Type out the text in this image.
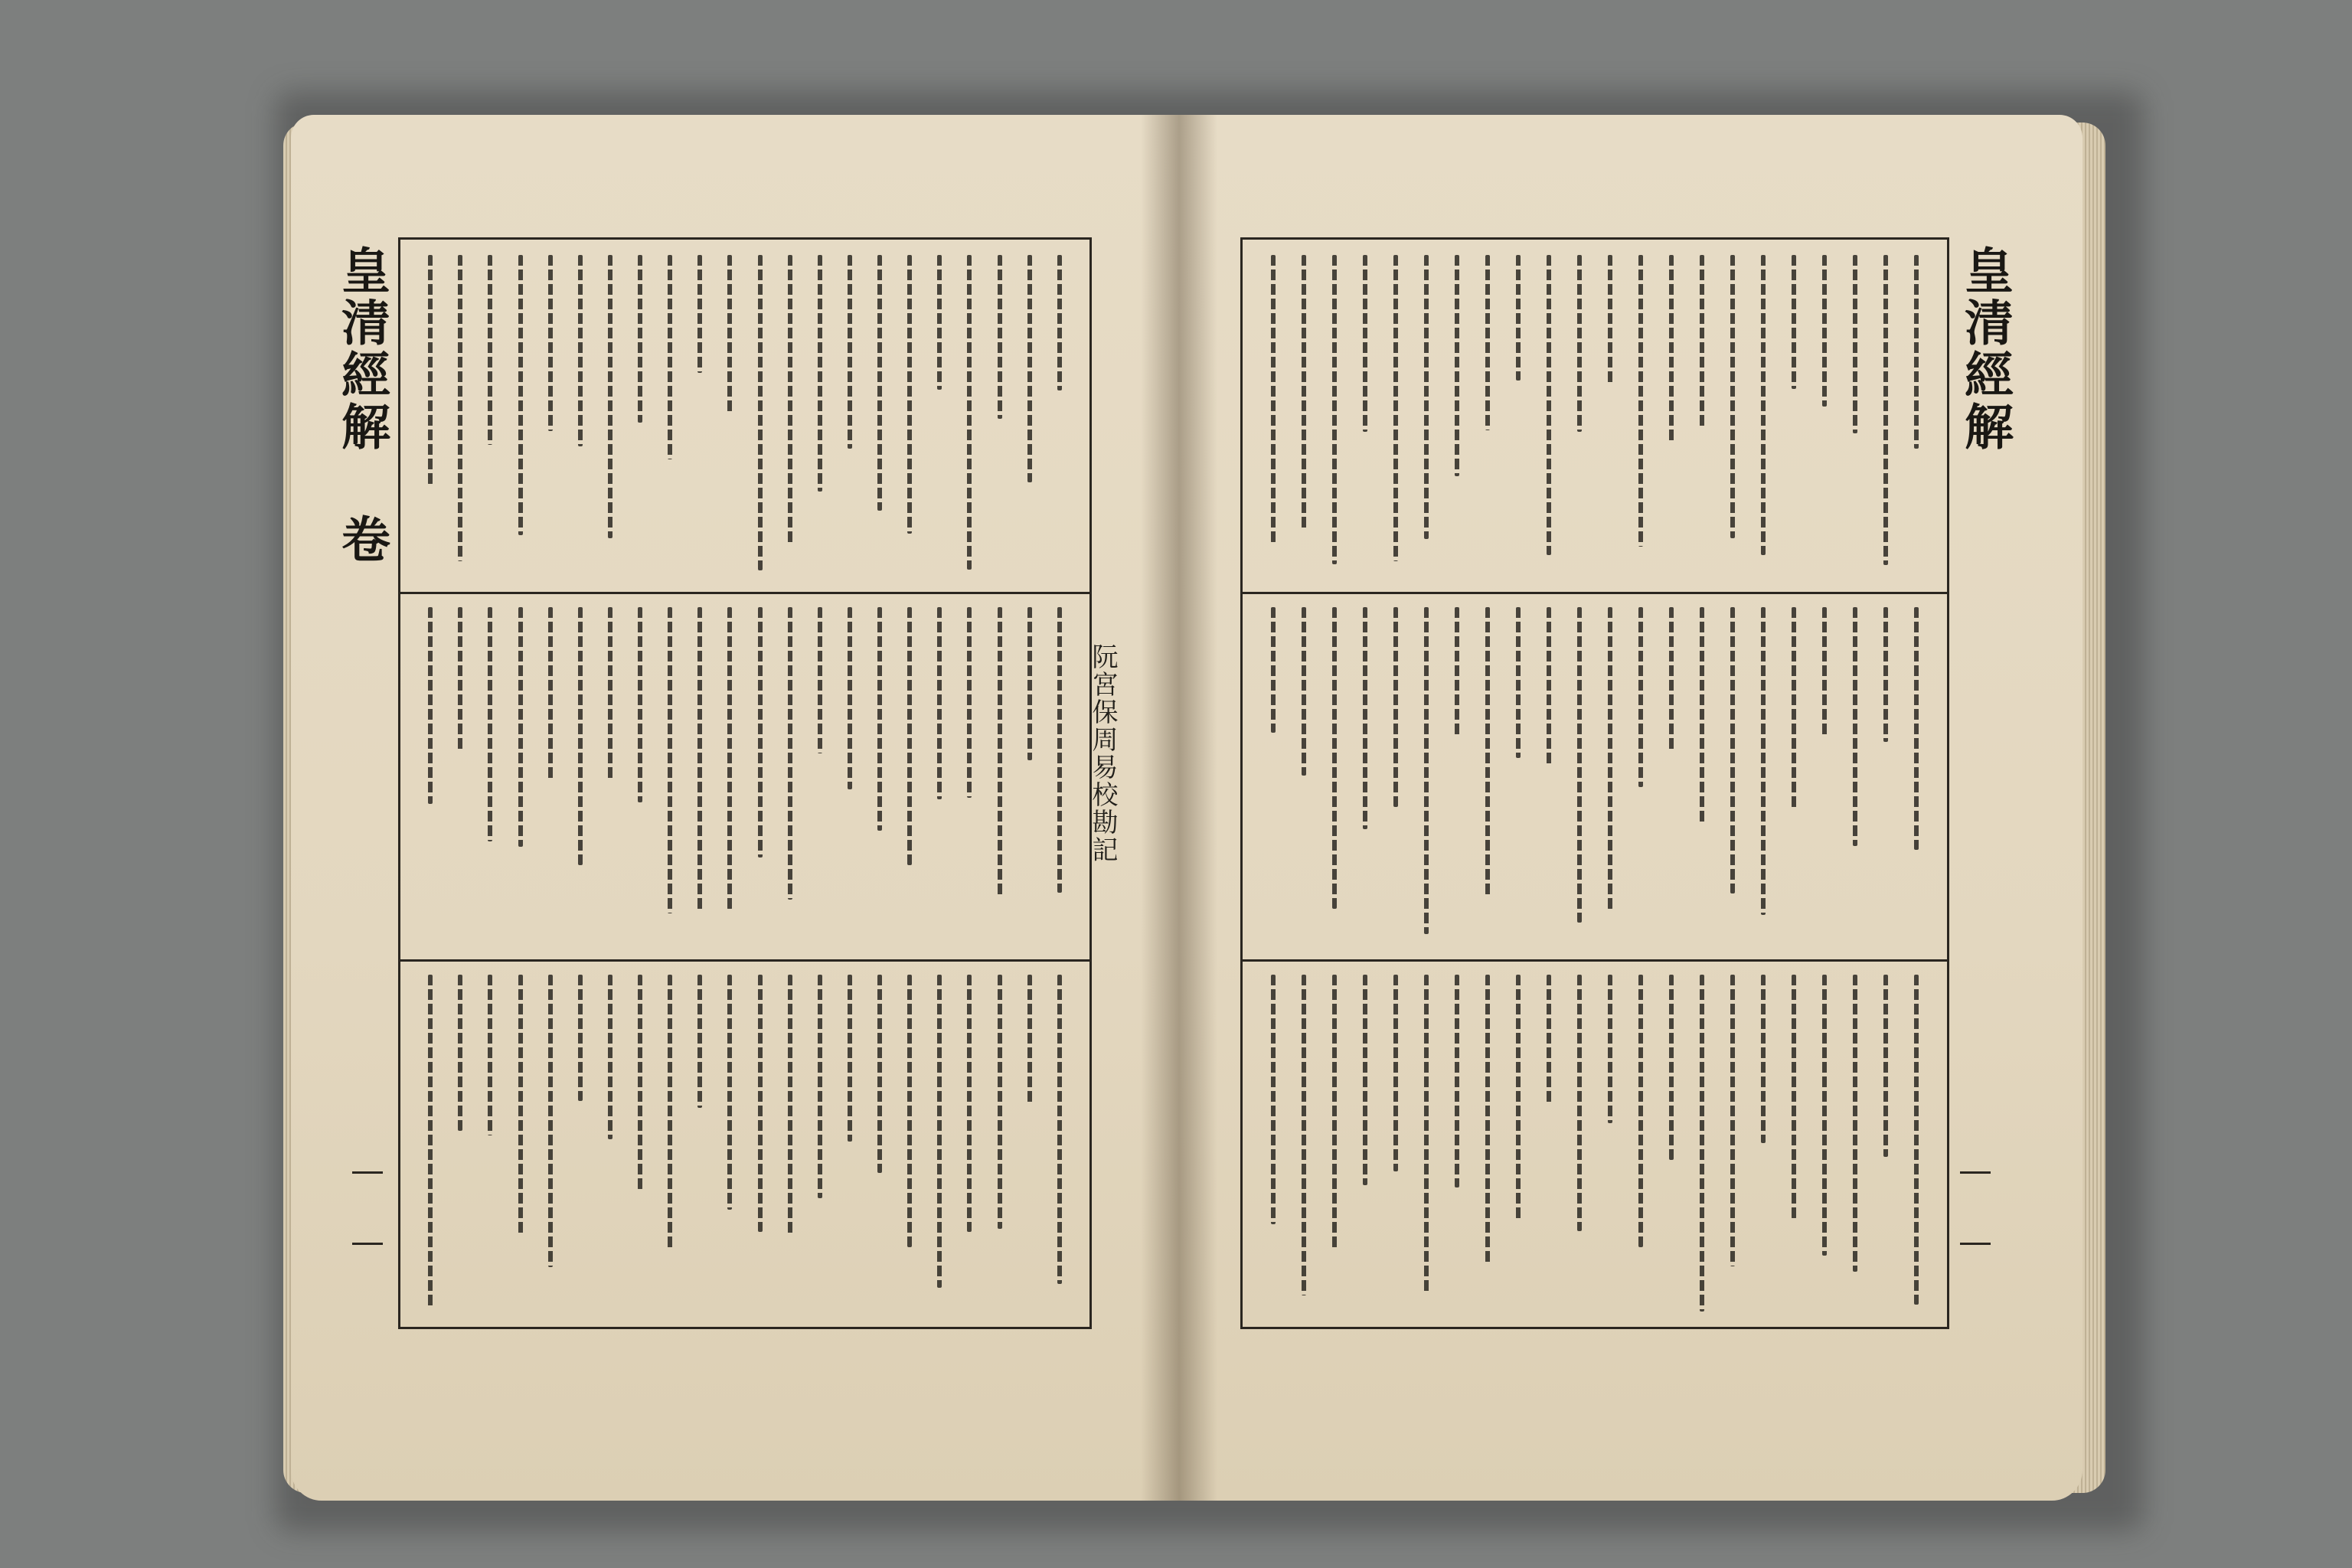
皇清經解 卷
阮宮保周易校勘記
皇清經解
